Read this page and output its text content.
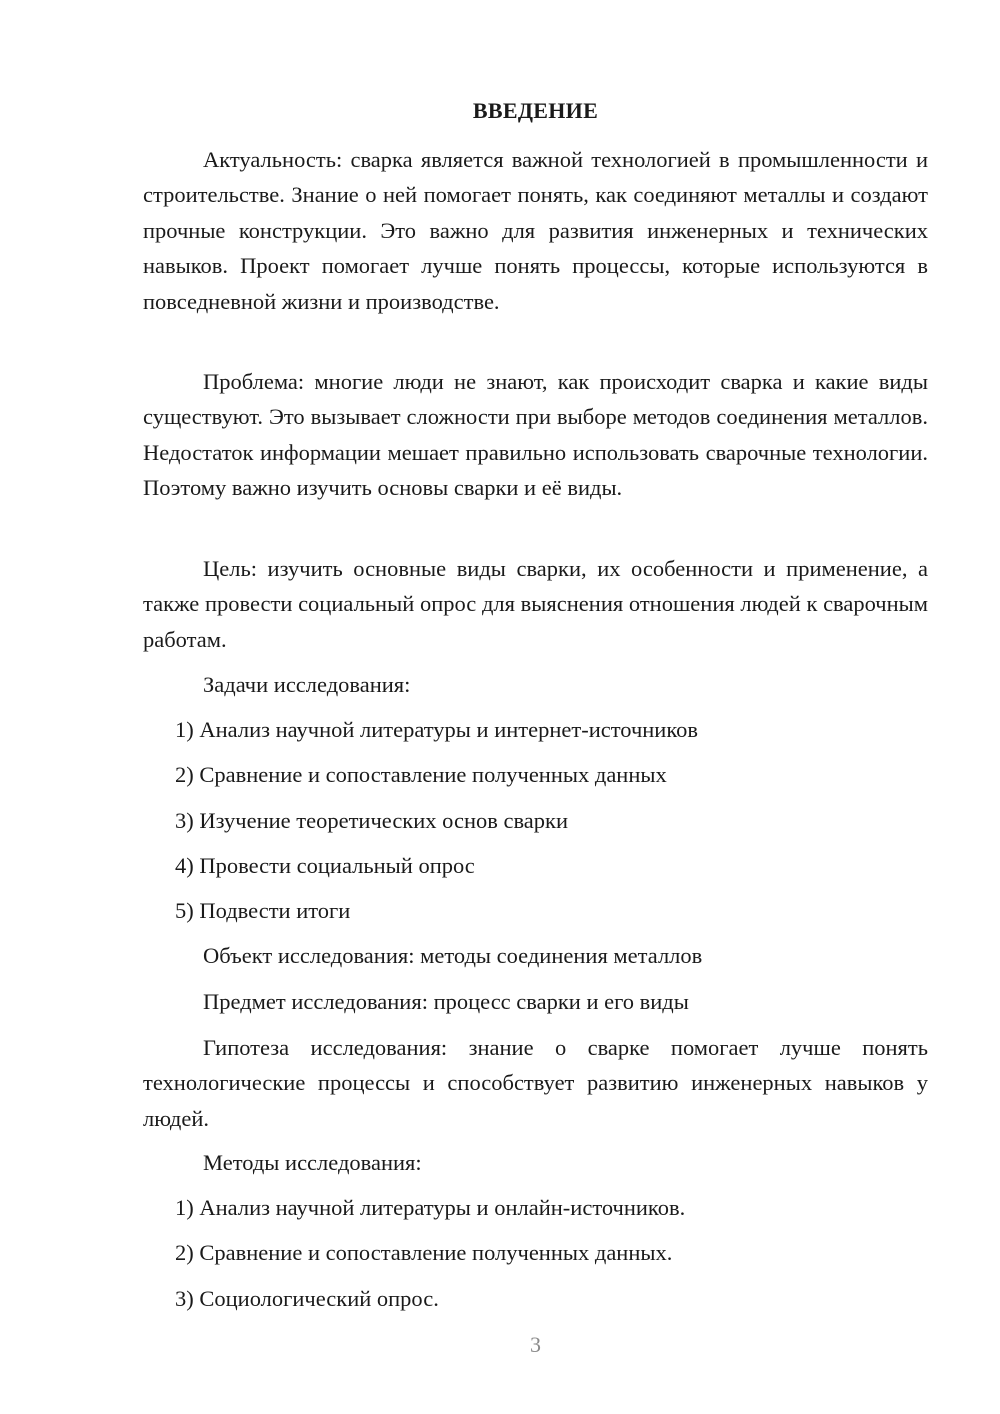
ВВЕДЕНИЕ

Актуальность: сварка является важной технологией в промышленности и строительстве. Знание о ней помогает понять, как соединяют металлы и создают прочные конструкции. Это важно для развития инженерных и технических навыков. Проект помогает лучше понять процессы, которые используются в повседневной жизни и производстве.

Проблема: многие люди не знают, как происходит сварка и какие виды существуют. Это вызывает сложности при выборе методов соединения металлов. Недостаток информации мешает правильно использовать сварочные технологии. Поэтому важно изучить основы сварки и её виды.

Цель: изучить основные виды сварки, их особенности и применение, а также провести социальный опрос для выяснения отношения людей к сварочным работам.

Задачи исследования:

1) Анализ научной литературы и интернет-источников

2) Сравнение и сопоставление полученных данных

3) Изучение теоретических основ сварки

4) Провести социальный опрос

5) Подвести итоги

Объект исследования: методы соединения металлов

Предмет исследования: процесс сварки и его виды

Гипотеза исследования: знание о сварке помогает лучше понять технологические процессы и способствует развитию инженерных навыков у людей.

Методы исследования:

1) Анализ научной литературы и онлайн-источников.

2) Сравнение и сопоставление полученных данных.

3) Социологический опрос.

3
